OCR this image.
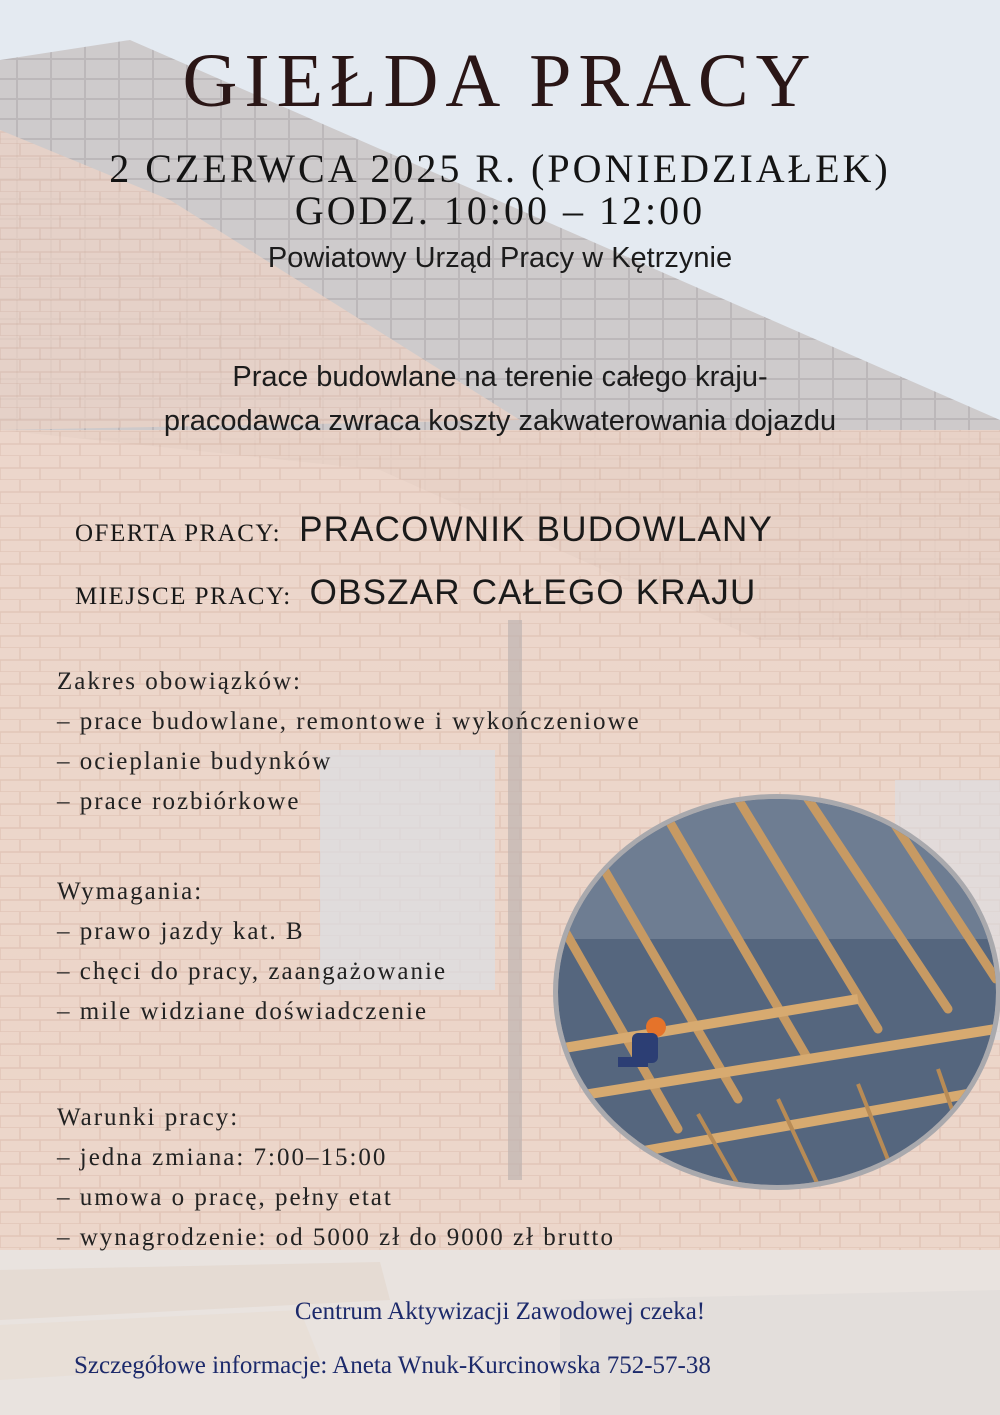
GIEŁDA PRACY
2 CZERWCA 2025 R. (PONIEDZIAŁEK)
GODZ. 10:00 – 12:00
Powiatowy Urząd Pracy w Kętrzynie
Prace budowlane na terenie całego kraju-
pracodawca zwraca koszty zakwaterowania dojazdu
OFERTA PRACY: PRACOWNIK BUDOWLANY
MIEJSCE PRACY: OBSZAR CAŁEGO KRAJU
Zakres obowiązków:
– prace budowlane, remontowe i wykończeniowe
– ocieplanie budynków
– prace rozbiórkowe
Wymagania:
– prawo jazdy kat. B
– chęci do pracy, zaangażowanie
– mile widziane doświadczenie
Warunki pracy:
– jedna zmiana: 7:00–15:00
– umowa o pracę, pełny etat
– wynagrodzenie: od 5000 zł do 9000 zł brutto
Centrum Aktywizacji Zawodowej czeka!
Szczegółowe informacje: Aneta Wnuk-Kurcinowska 752-57-38
